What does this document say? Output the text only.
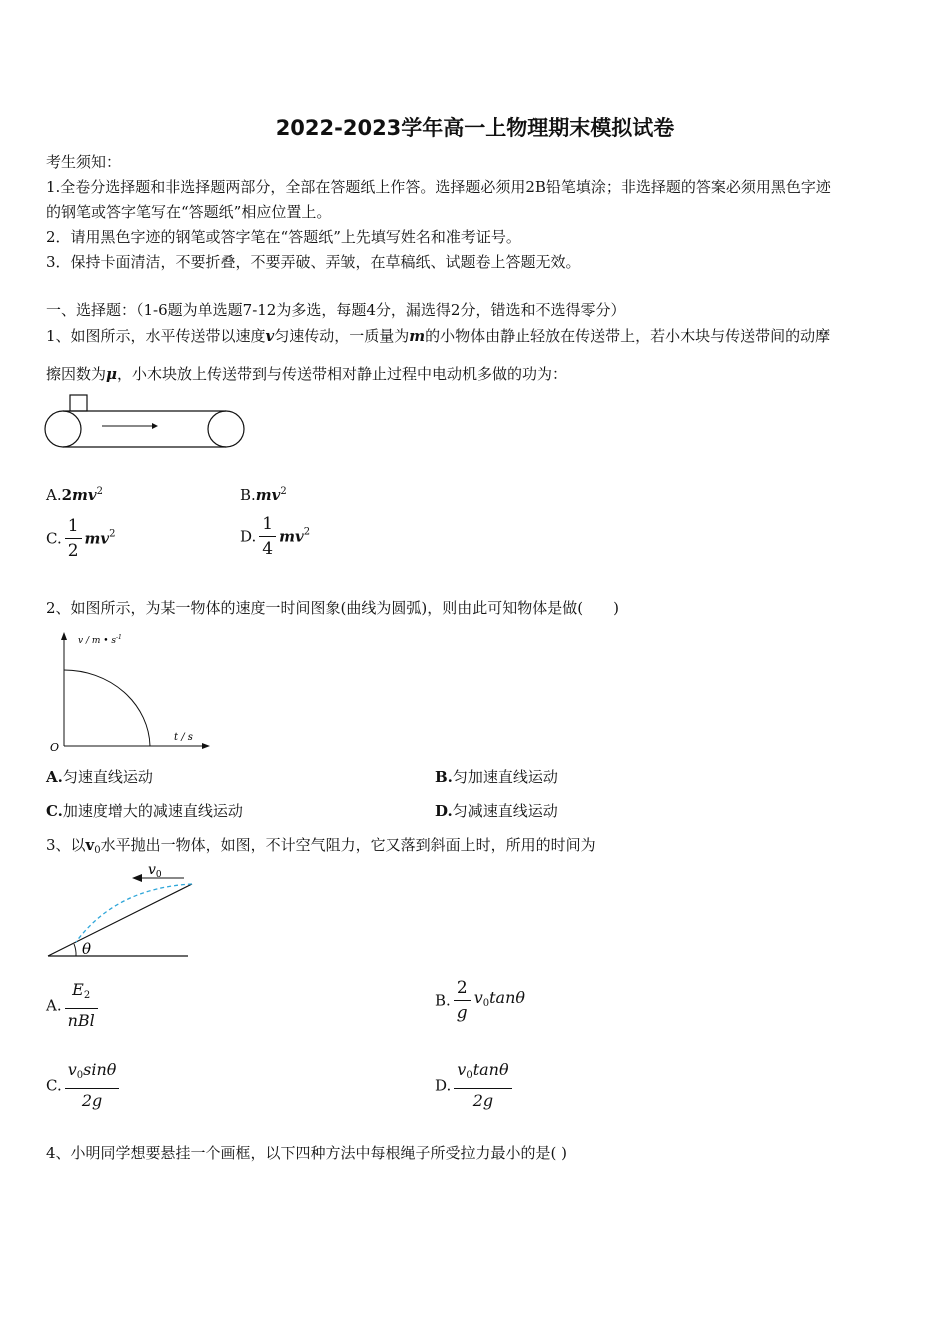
2022-2023学年高一上物理期末模拟试卷
考生须知：
1.全卷分选择题和非选择题两部分，全部在答题纸上作答。选择题必须用2B铅笔填涂；非选择题的答案必须用黑色字迹
的钢笔或答字笔写在“答题纸”相应位置上。
2．请用黑色字迹的钢笔或答字笔在“答题纸”上先填写姓名和准考证号。
3．保持卡面清洁，不要折叠，不要弄破、弄皱，在草稿纸、试题卷上答题无效。
一、选择题：（1-6题为单选题7-12为多选，每题4分，漏选得2分，错选和不选得零分）
1、如图所示，水平传送带以速度v匀速传动，一质量为m的小物体由静止轻放在传送带上，若小木块与传送带间的动摩
擦因数为μ，小木块放上传送带到与传送带相对静止过程中电动机多做的功为：
$A.2mv^2$	$B.mv^2$
C. $\frac{1}{2} mv^2$	D. $\frac{1}{4} mv^2$
2、如图所示，为某一物体的速度一时间图象(曲线为圆弧)，则由此可知物体是做(　　)
v / m • $s^{-1}$
t / s
O
A.匀速直线运动	B.匀加速直线运动
C.加速度增大的减速直线运动	D.匀减速直线运动
3、以$v_0$水平抛出一物体，如图，不计空气阻力，它又落到斜面上时，所用的时间为
$v_0$
θ
A. $\frac{E_2}{\text{nBl}}$	B. $\frac{2}{g} v_0\tan\theta$
C. $\frac{v_0\sin\theta}{2g}$	D. $\frac{v_0\tan\theta}{2g}$
4、小明同学想要悬挂一个画框，以下四种方法中每根绳子所受拉力最小的是( )
